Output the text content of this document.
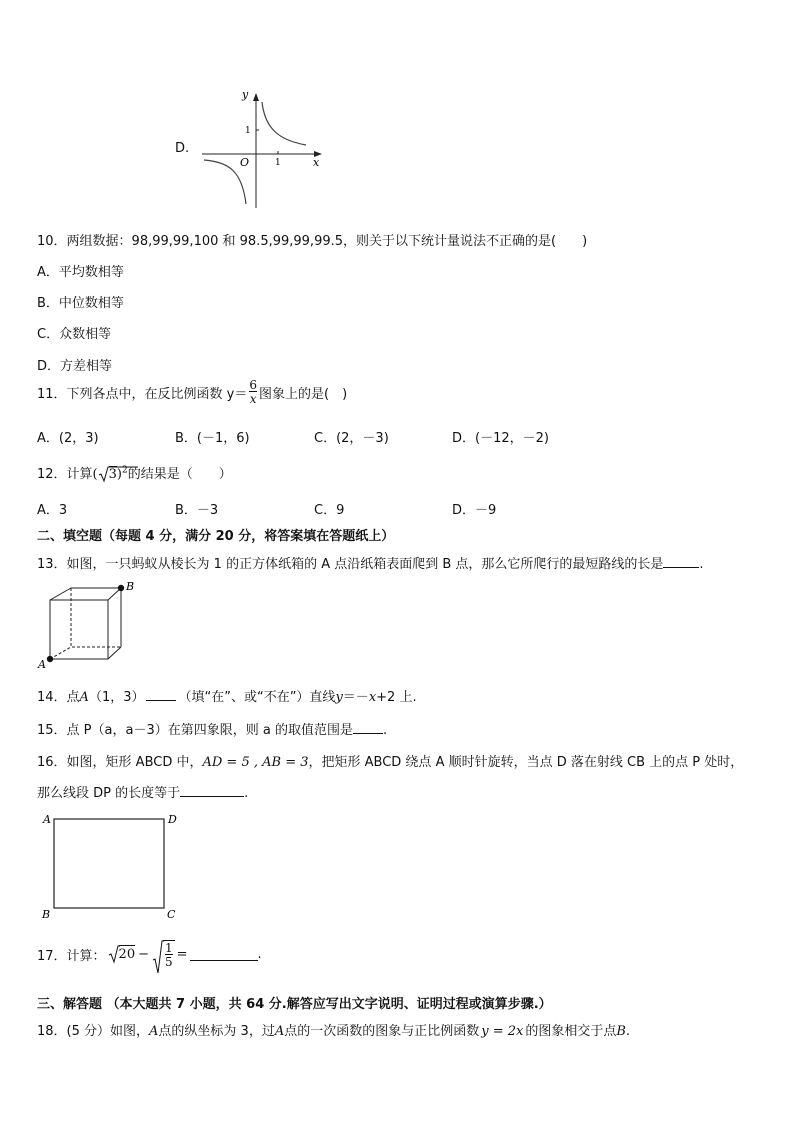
D.
y
x
O	1
1
10．两组数据：98,99,99,100 和 98.5,99,99,99.5，则关于以下统计量说法不正确的是(　　)
A．平均数相等
B．中位数相等
C．众数相等
D．方差相等
11．下列各点中，在反比例函数 $y= \frac{6}{x}$ 图象上的是(　)
A．(2，3)	B．(－1，6)	C．(2，－3)	D．(－12，－2)
12．计算( 3)$^2$的结果是（　　）
A．3	B．－3	C．9	D．－9
二、填空题（每题 4 分，满分 20 分，将答案填在答题纸上）
13．如图，一只蚂蚁从棱长为 1 的正方体纸箱的 A 点沿纸箱表面爬到 B 点，那么它所爬行的最短路线的长是	.
A
B
14．点A（1，3）	（填“在”、或“不在”）直线y＝－x+2 上.
15．点 P（a，a－3）在第四象限，则 a 的取值范围是 .
16．如图，矩形 ABCD 中，AD = 5 , AB = 3，把矩形 ABCD 绕点 A 顺时针旋转，当点 D 落在射线 CB 上的点 P 处时，
那么线段 DP 的长度等于	.
A	D
B	C
17．计算：	$20 - \frac{1}{5}$ =	.
三、解答题 （本大题共 7 小题，共 64 分.解答应写出文字说明、证明过程或演算步骤.）
18．(5 分）如图，A点的纵坐标为 3，过A点的一次函数的图象与正比例函数 y = 2x 的图象相交于点B.
